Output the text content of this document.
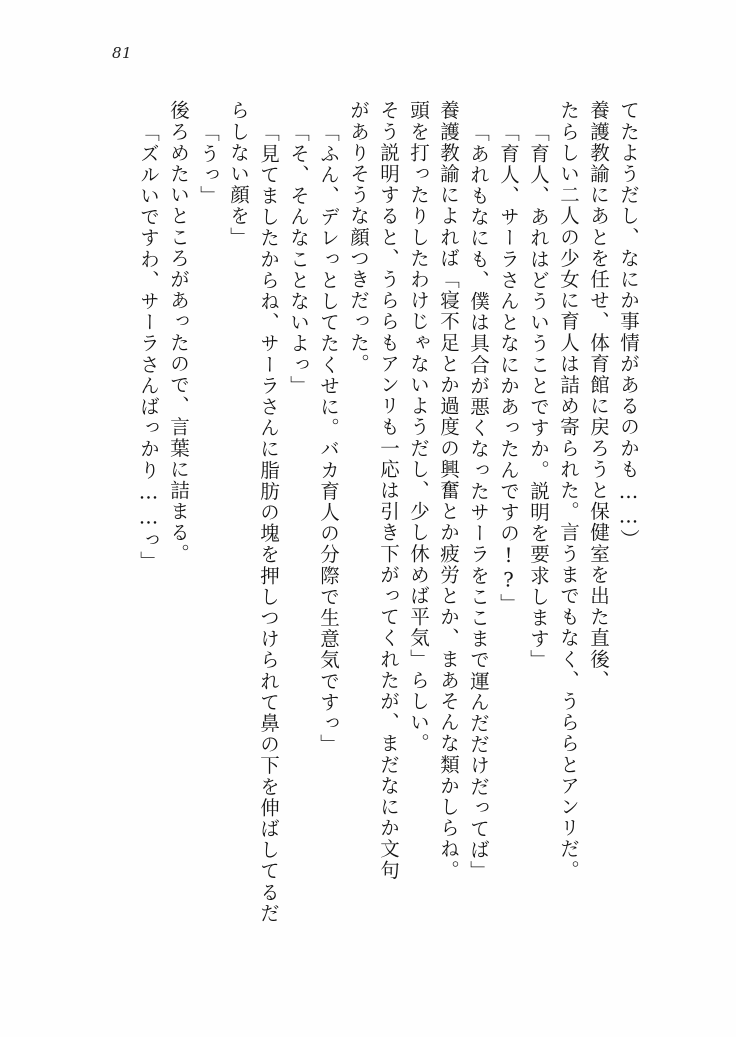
81
てたようだし、なにか事情があるのかも……）
養護教諭にあとを任せ、体育館に戻ろうと保健室を出た直後、
たらしい二人の少女に育人は詰め寄られた。言うまでもなく、うららとアンリだ。
「育人、あれはどういうことですか。説明を要求します」
「育人、サーラさんとなにかあったんですの!?」
「あれもなにも、僕は具合が悪くなったサーラをここまで運んだだけだってば」
養護教諭によれば「寝不足とか過度の興奮とか疲労とか、まあそんな類かしらね。
頭を打ったりしたわけじゃないようだし、少し休めば平気」らしい。
そう説明すると、うららもアンリも一応は引き下がってくれたが、まだなにか文句
がありそうな顔つきだった。
「ふん、デレっとしてたくせに。バカ育人の分際で生意気ですっ」
「そ、そんなことないよっ」
「見てましたからね、サーラさんに脂肪の塊を押しつけられて鼻の下を伸ばしてるだ
らしない顔を」
「うっ」
後ろめたいところがあったので、言葉に詰まる。
「ズルいですわ、サーラさんばっかり……っ」
